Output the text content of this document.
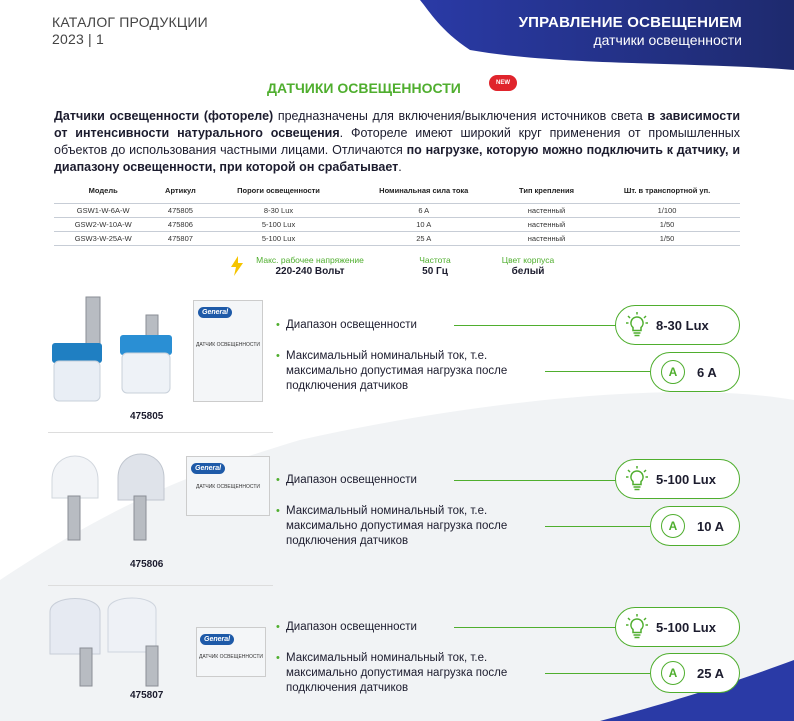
КАТАЛОГ ПРОДУКЦИИ
2023 | 1
УПРАВЛЕНИЕ ОСВЕЩЕНИЕМ
датчики освещенности
ДАТЧИКИ ОСВЕЩЕННОСТИ	NEW
Датчики освещенности (фотореле) предназначены для включения/выключения источников света в зависимости от интенсивности натурального освещения. Фотореле имеют широкий круг применения от промышленных объектов до использования частными лицами. Отличаются по нагрузке, которую можно подключить к датчику, и диапазону освещенности, при которой он срабатывает.
Модель	Артикул	Пороги освещенности	Номинальная сила тока	Тип крепления	Шт. в транспортной уп.
GSW1-W-6A-W	475805	8-30 Lux	6 A	настенный	1/100
GSW2-W-10A-W	475806	5-100 Lux	10 A	настенный	1/50
GSW3-W-25A-W	475807	5-100 Lux	25 A	настенный	1/50
Макс. рабочее напряжение
220-240 Вольт
Частота
50 Гц
Цвет корпуса
белый
General
ДАТЧИК ОСВЕЩЕННОСТИ
475805
• Диапазон освещенности
• Максимальный номинальный ток, т.е. максимально допустимая нагрузка после подключения датчиков
8-30 Lux
A	6 A
General
ДАТЧИК ОСВЕЩЕННОСТИ
475806
• Диапазон освещенности
• Максимальный номинальный ток, т.е. максимально допустимая нагрузка после подключения датчиков
5-100 Lux
A	10 A
General
ДАТЧИК ОСВЕЩЕННОСТИ
475807
• Диапазон освещенности
• Максимальный номинальный ток, т.е. максимально допустимая нагрузка после подключения датчиков
5-100 Lux
A	25 A
